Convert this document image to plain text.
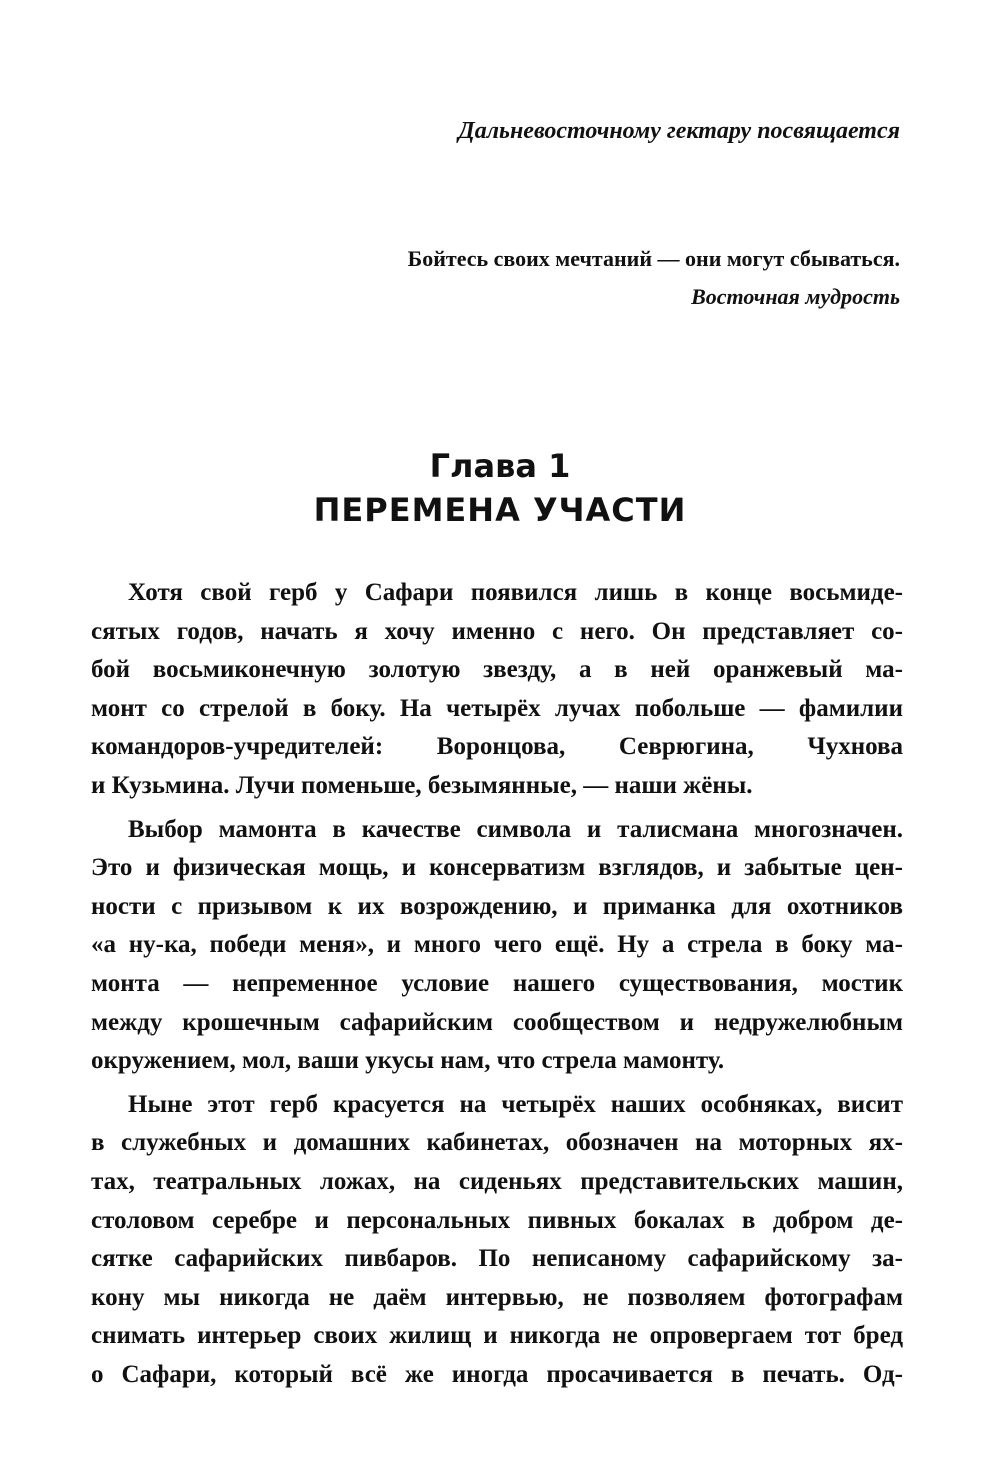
Дальневосточному гектару посвящается
Бойтесь своих мечтаний — они могут сбываться.
Восточная мудрость
Глава 1
ПЕРЕМЕНА УЧАСТИ
Хотя свой герб у Сафари появился лишь в конце восьмиде-
сятых годов, начать я хочу именно с него. Он представляет со-
бой восьмиконечную золотую звезду, а в ней оранжевый ма-
монт со стрелой в боку. На четырёх лучах побольше — фамилии
командоров-учредителей: Воронцова, Севрюгина, Чухнова
и Кузьмина. Лучи поменьше, безымянные, — наши жёны.
Выбор мамонта в качестве символа и талисмана многозначен.
Это и физическая мощь, и консерватизм взглядов, и забытые цен-
ности с призывом к их возрождению, и приманка для охотников
«а ну-ка, победи меня», и много чего ещё. Ну а стрела в боку ма-
монта — непременное условие нашего существования, мостик
между крошечным сафарийским сообществом и недружелюбным
окружением, мол, ваши укусы нам, что стрела мамонту.
Ныне этот герб красуется на четырёх наших особняках, висит
в служебных и домашних кабинетах, обозначен на моторных ях-
тах, театральных ложах, на сиденьях представительских машин,
столовом серебре и персональных пивных бокалах в добром де-
сятке сафарийских пивбаров. По неписаному сафарийскому за-
кону мы никогда не даём интервью, не позволяем фотографам
снимать интерьер своих жилищ и никогда не опровергаем тот бред
о Сафари, который всё же иногда просачивается в печать. Од-
